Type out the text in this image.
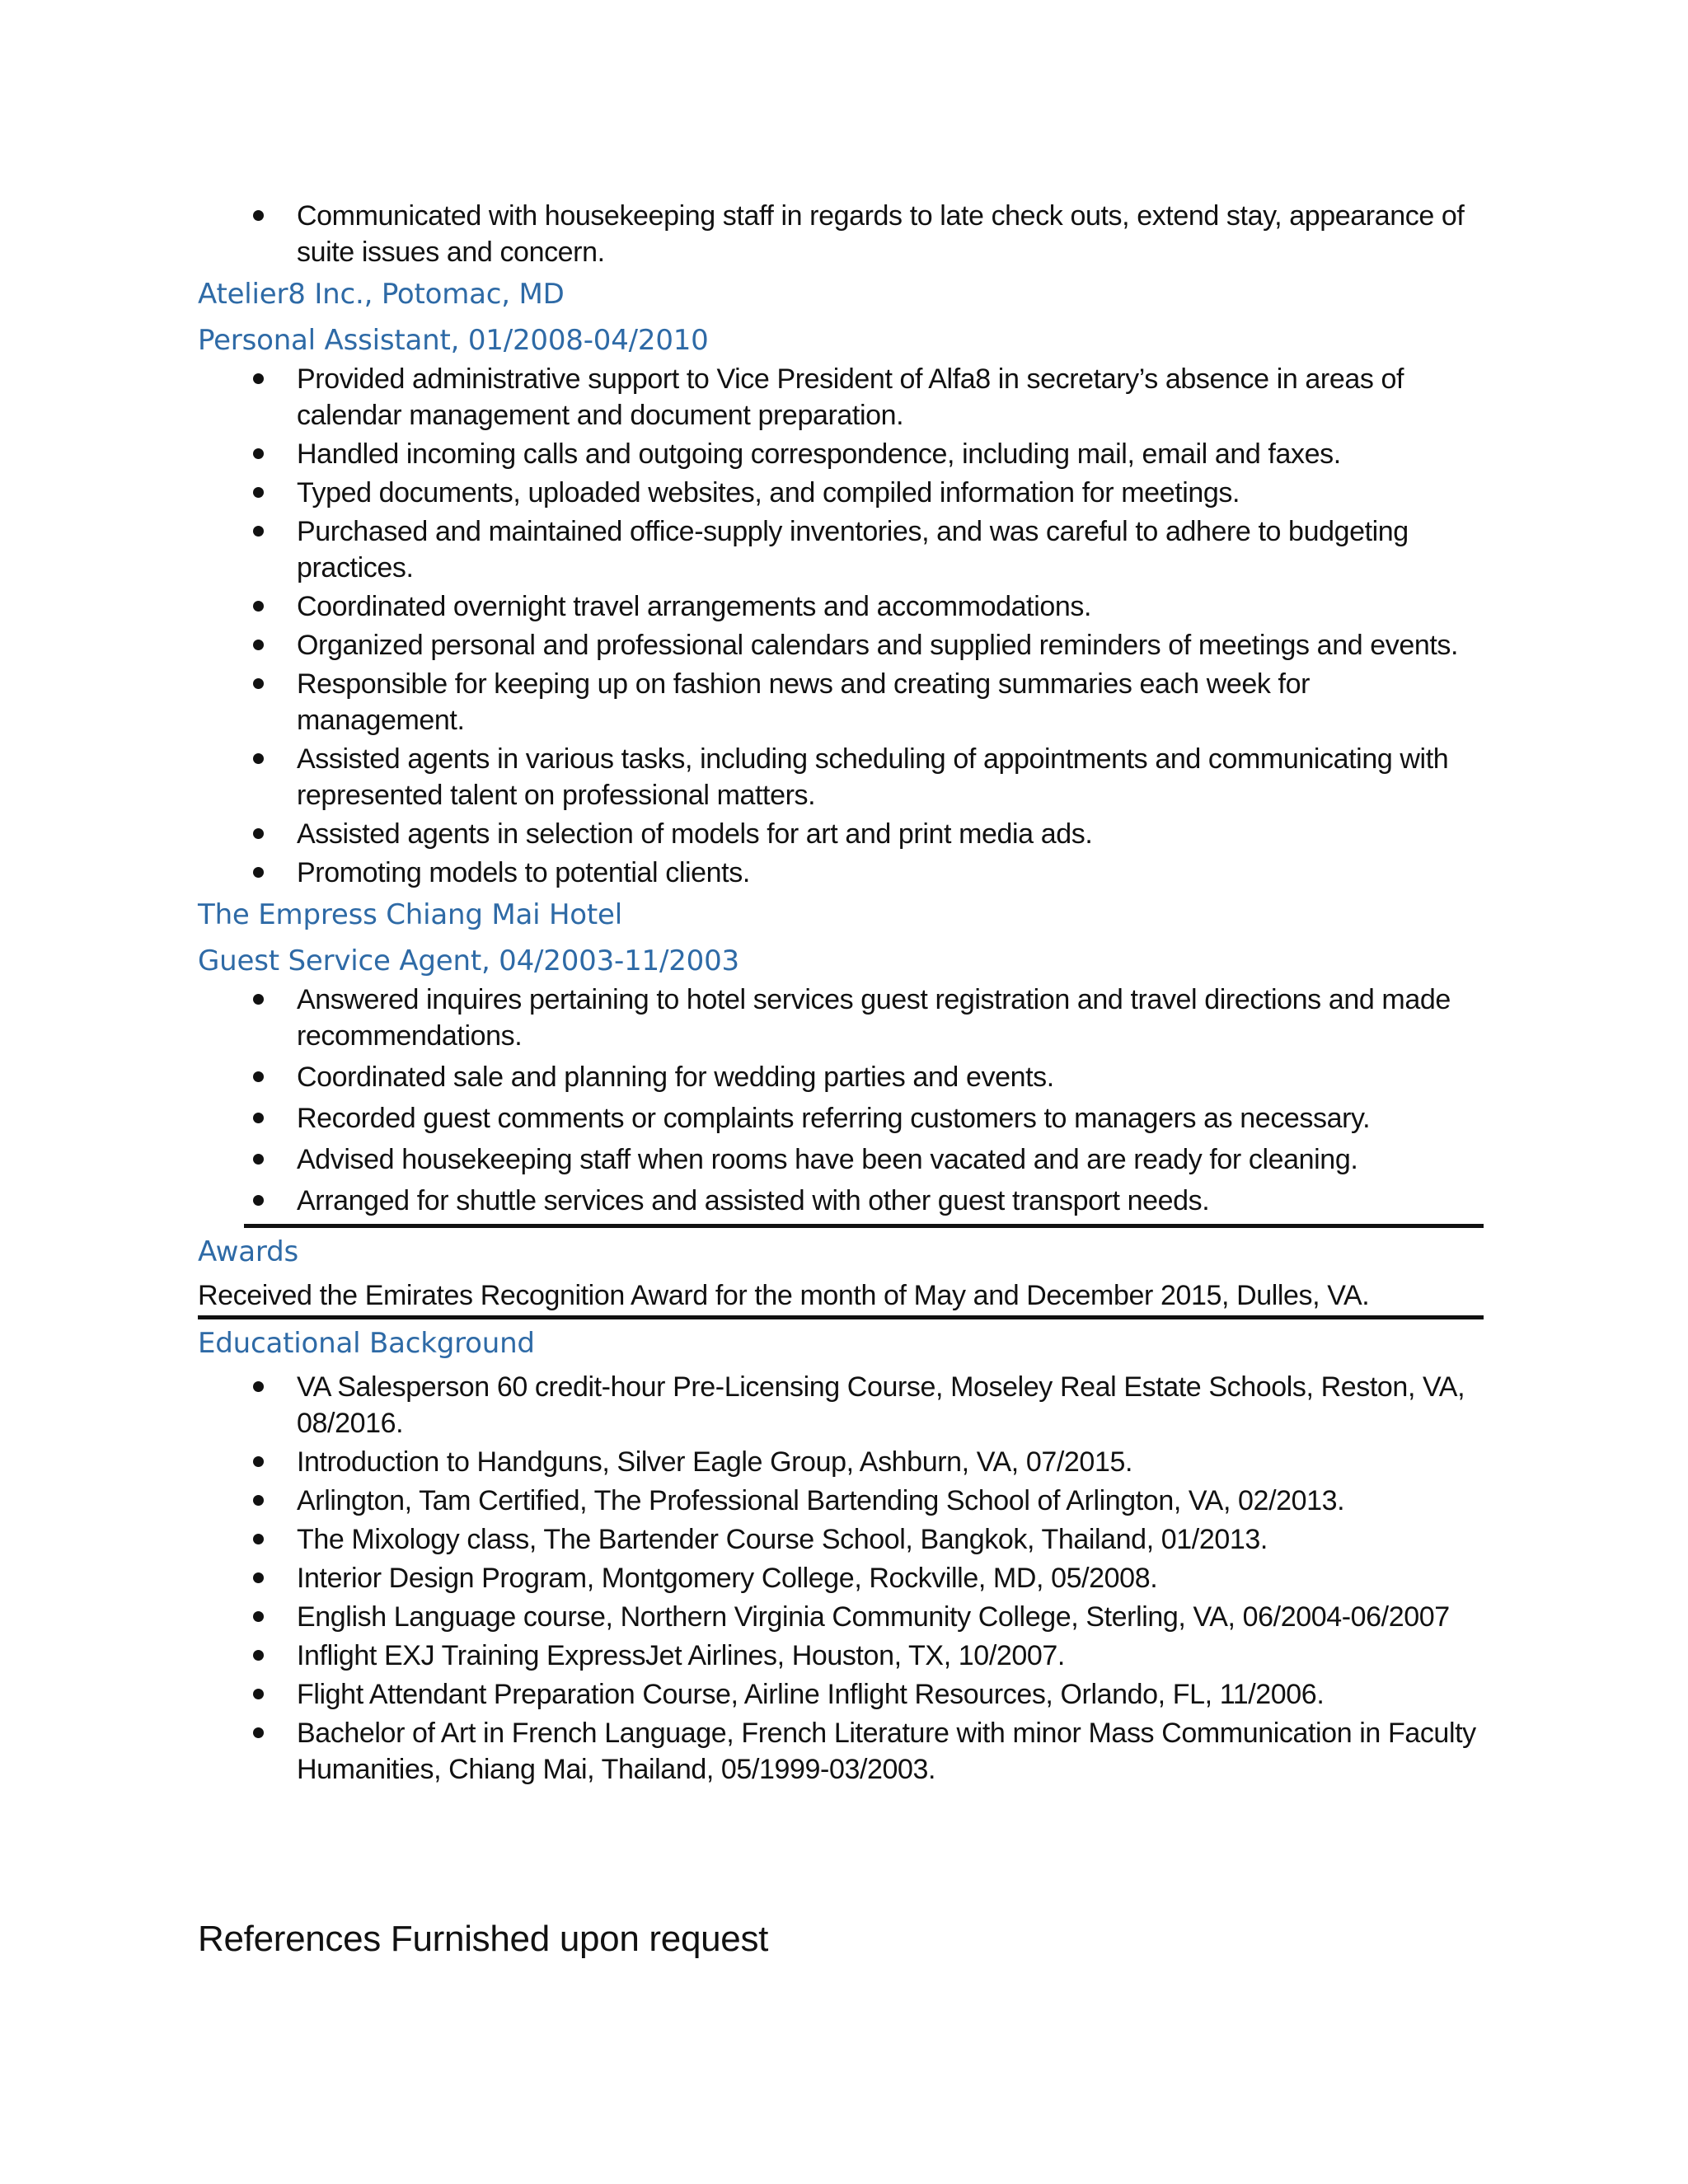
Communicated with housekeeping staff in regards to late check outs, extend stay, appearance of suite issues and concern.
Atelier8 Inc., Potomac, MD
Personal Assistant, 01/2008-04/2010
Provided administrative support to Vice President of Alfa8 in secretary’s absence in areas of calendar management and document preparation.
Handled incoming calls and outgoing correspondence, including mail, email and faxes.
Typed documents, uploaded websites, and compiled information for meetings.
Purchased and maintained office-supply inventories, and was careful to adhere to budgeting practices.
Coordinated overnight travel arrangements and accommodations.
Organized personal and professional calendars and supplied reminders of meetings and events.
Responsible for keeping up on fashion news and creating summaries each week for management.
Assisted agents in various tasks, including scheduling of appointments and communicating with represented talent on professional matters.
Assisted agents in selection of models for art and print media ads.
Promoting models to potential clients.
The Empress Chiang Mai Hotel
Guest Service Agent, 04/2003-11/2003
Answered inquires pertaining to hotel services guest registration and travel directions and made recommendations.
Coordinated sale and planning for wedding parties and events.
Recorded guest comments or complaints referring customers to managers as necessary.
Advised housekeeping staff when rooms have been vacated and are ready for cleaning.
Arranged for shuttle services and assisted with other guest transport needs.
Awards
Received the Emirates Recognition Award for the month of May and December 2015, Dulles, VA.
Educational Background
VA Salesperson 60 credit-hour Pre-Licensing Course, Moseley Real Estate Schools, Reston, VA, 08/2016.
Introduction to Handguns, Silver Eagle Group, Ashburn, VA, 07/2015.
Arlington, Tam Certified, The Professional Bartending School of Arlington, VA, 02/2013.
The Mixology class, The Bartender Course School, Bangkok, Thailand, 01/2013.
Interior Design Program, Montgomery College, Rockville, MD, 05/2008.
English Language course, Northern Virginia Community College, Sterling, VA, 06/2004-06/2007
Inflight EXJ Training ExpressJet Airlines, Houston, TX, 10/2007.
Flight Attendant Preparation Course, Airline Inflight Resources, Orlando, FL, 11/2006.
Bachelor of Art in French Language, French Literature with minor Mass Communication in Faculty Humanities, Chiang Mai, Thailand, 05/1999-03/2003.
References Furnished upon request
